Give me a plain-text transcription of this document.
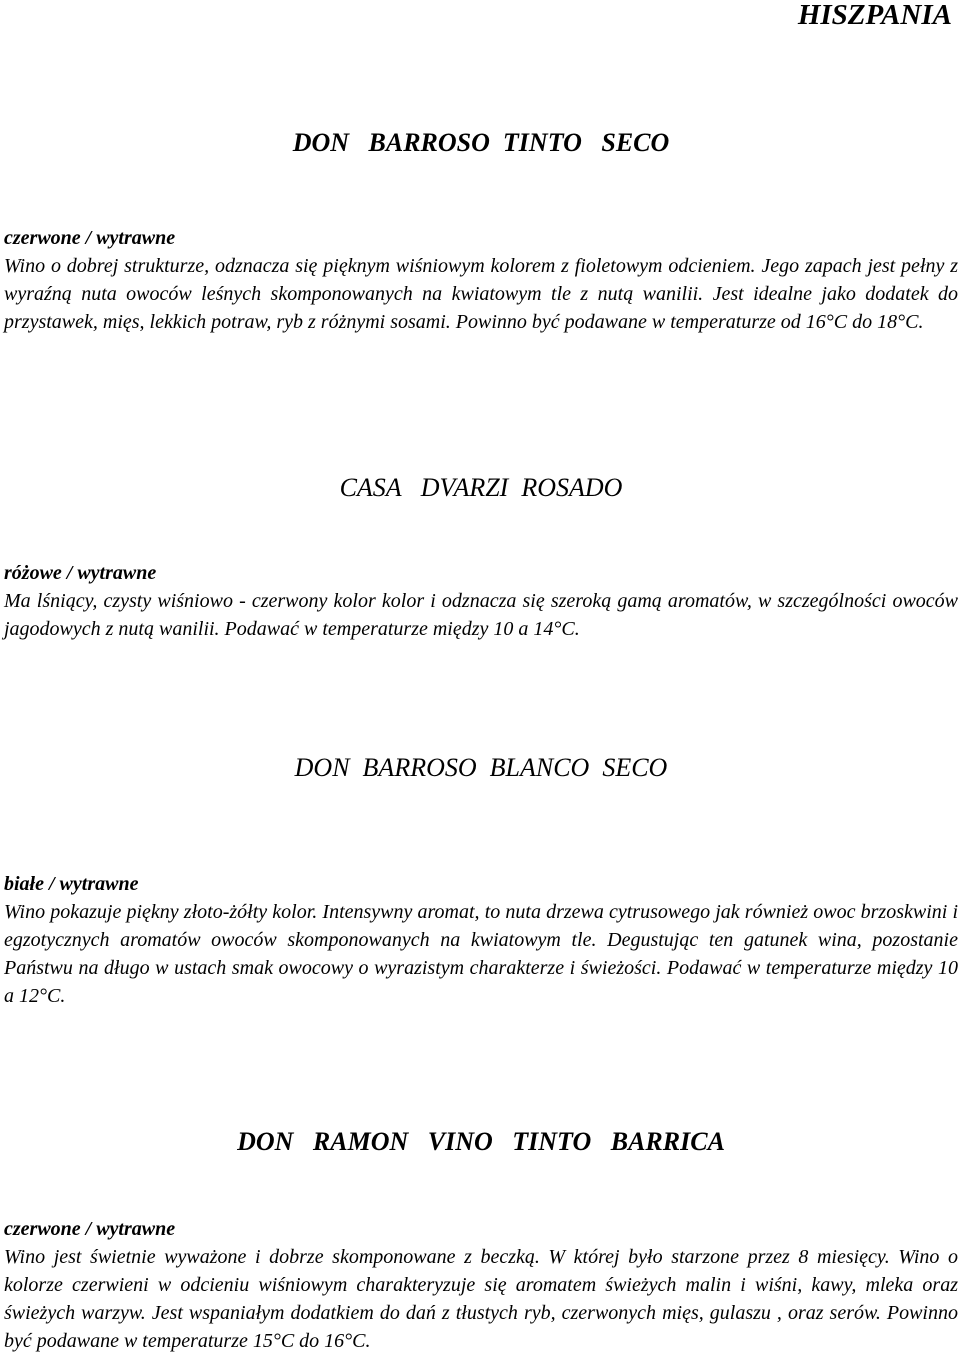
HISZPANIA
DON   BARROSO  TINTO   SECO
czerwone / wytrawne

Wino o dobrej strukturze, odznacza się pięknym wiśniowym kolorem z fioletowym odcieniem. Jego zapach jest pełny z wyraźną nuta owoców leśnych skomponowanych na kwiatowym tle z nutą wanilii. Jest idealne jako dodatek do przystawek, mięs, lekkich potraw, ryb z różnymi sosami. Powinno być podawane w temperaturze od 16°C do 18°C.

CASA   DVARZI  ROSADO
różowe / wytrawne

Ma lśniący, czysty wiśniowo - czerwony kolor kolor i odznacza się szeroką gamą aromatów, w szczególności owoców jagodowych z nutą wanilii. Podawać w temperaturze między 10 a 14°C.

DON  BARROSO  BLANCO  SECO
białe / wytrawne

Wino pokazuje piękny złoto-żółty kolor. Intensywny aromat, to nuta drzewa cytrusowego jak również owoc brzoskwini i egzotycznych aromatów owoców skomponowanych na kwiatowym tle. Degustując ten gatunek wina, pozostanie Państwu na długo w ustach smak owocowy o wyrazistym charakterze i świeżości. Podawać w temperaturze między 10 a 12°C.

DON   RAMON   VINO   TINTO   BARRICA
czerwone / wytrawne

Wino jest świetnie wyważone i dobrze skomponowane z beczką. W której było starzone przez 8 miesięcy. Wino o kolorze czerwieni w odcieniu wiśniowym charakteryzuje się aromatem świeżych malin i wiśni, kawy, mleka oraz świeżych warzyw. Jest wspaniałym dodatkiem do dań z tłustych ryb, czerwonych mięs, gulaszu , oraz serów. Powinno być podawane w temperaturze 15°C do 16°C.
